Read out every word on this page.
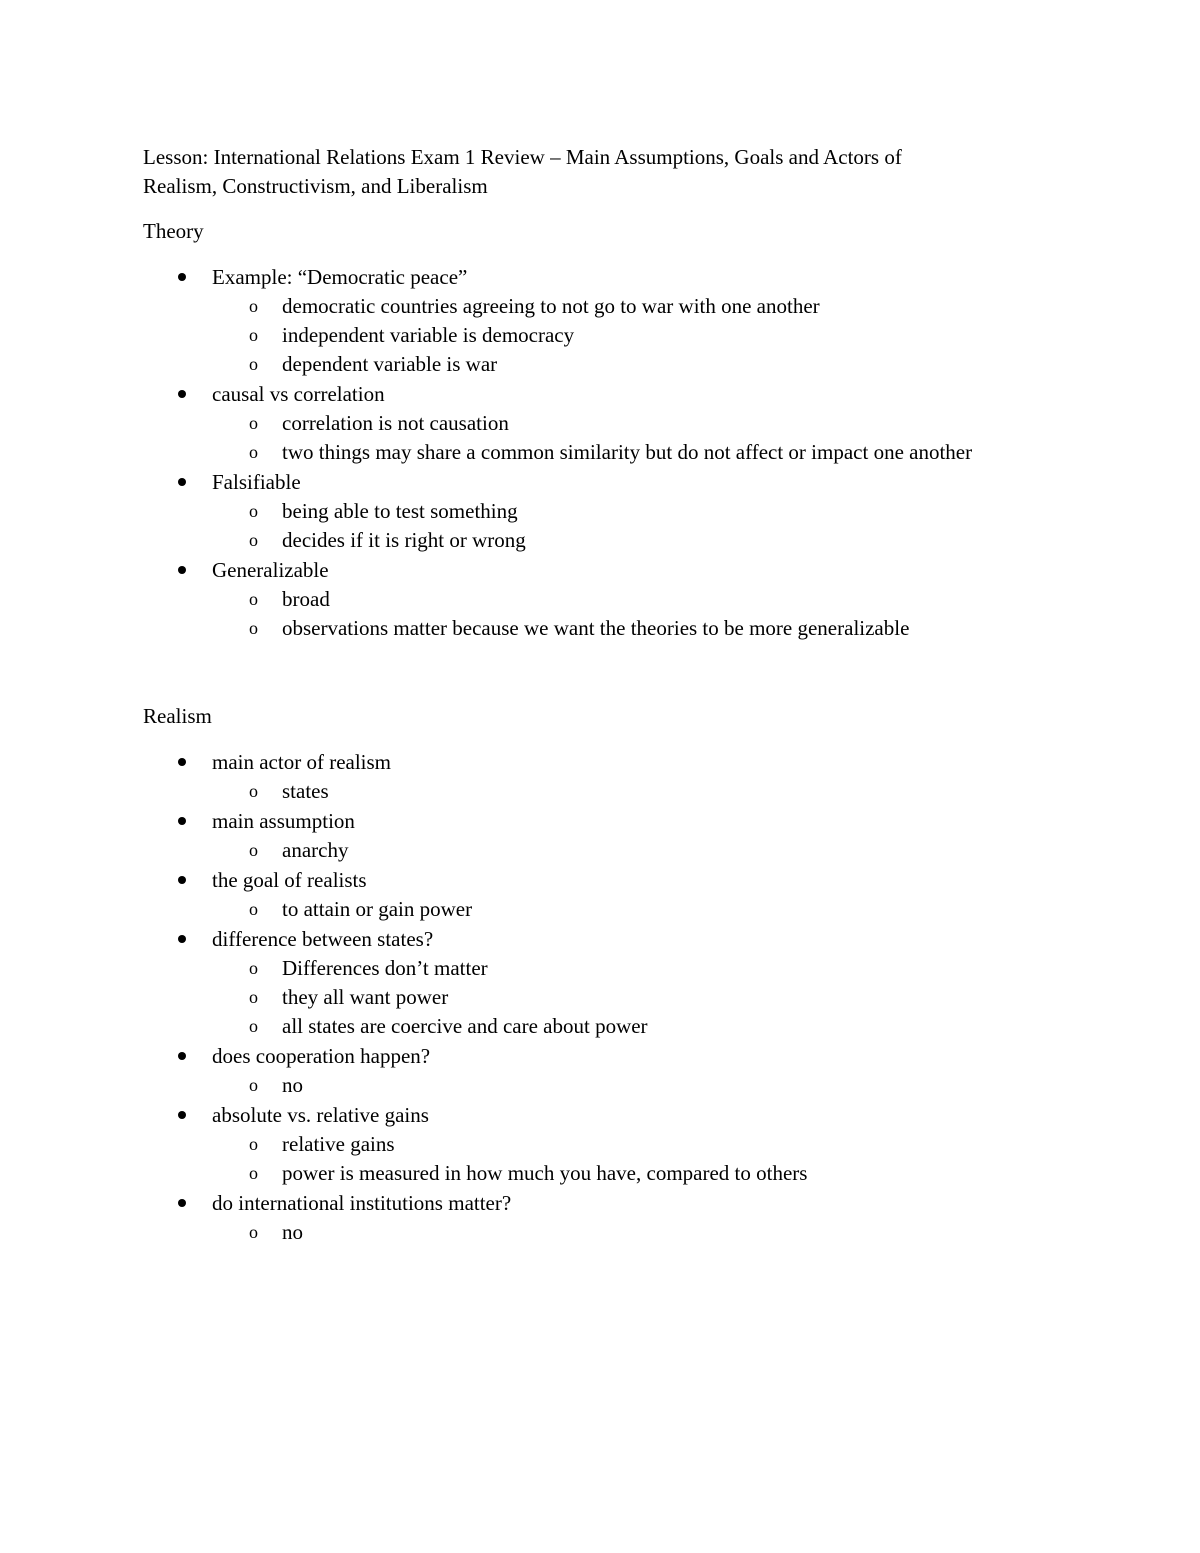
Lesson: International Relations Exam 1 Review – Main Assumptions, Goals and Actors of
Realism, Constructivism, and Liberalism

Theory

Example: “Democratic peace”
o democratic countries agreeing to not go to war with one another
o independent variable is democracy
o dependent variable is war
causal vs correlation
o correlation is not causation
o two things may share a common similarity but do not affect or impact one another
Falsifiable
o being able to test something
o decides if it is right or wrong
Generalizable
o broad
o observations matter because we want the theories to be more generalizable

Realism

main actor of realism
o states
main assumption
o anarchy
the goal of realists
o to attain or gain power
difference between states?
o Differences don’t matter
o they all want power
o all states are coercive and care about power
does cooperation happen?
o no
absolute vs. relative gains
o relative gains
o power is measured in how much you have, compared to others
do international institutions matter?
o no
